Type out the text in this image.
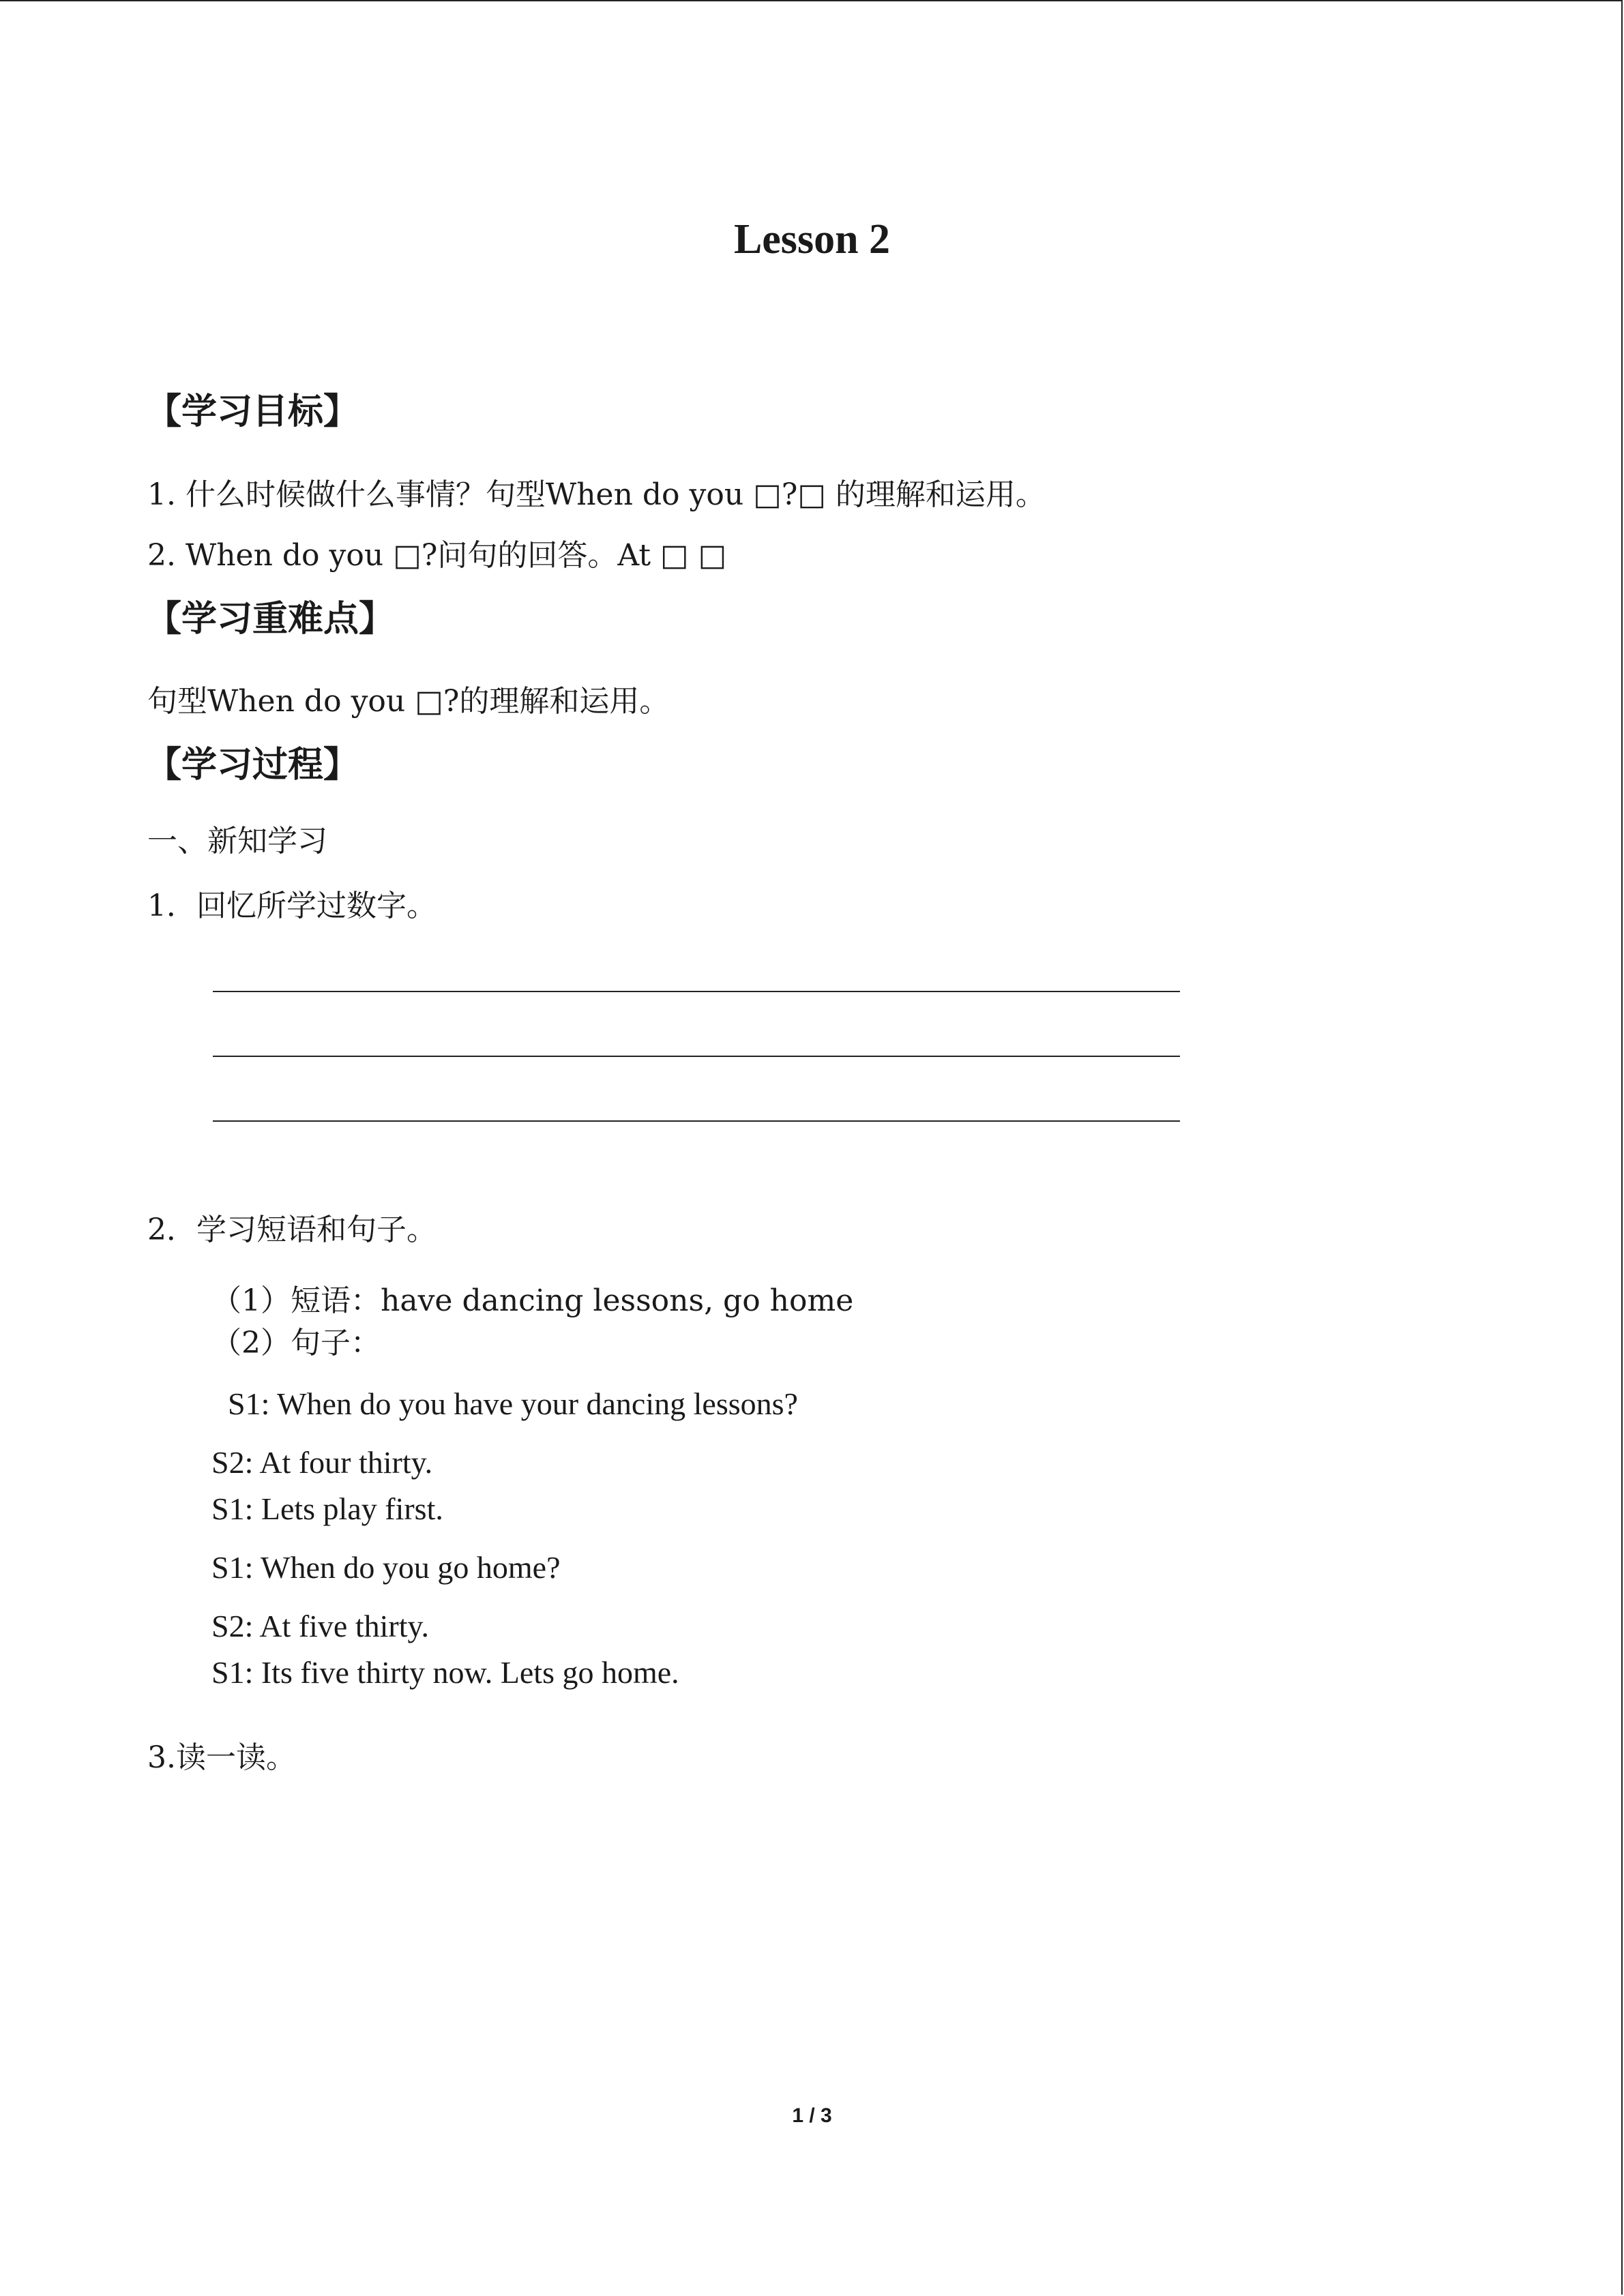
Lesson 2
【学习目标】
1. 什么时候做什么事情？句型When do you □?□ 的理解和运用。
2. When do you □?问句的回答。At □ □
【学习重难点】
句型When do you □?的理解和运用。
【学习过程】
一、新知学习
1．回忆所学过数字。
2．学习短语和句子。
（1）短语：have dancing lessons, go home
（2）句子：
S1: When do you have your dancing lessons?
S2: At four thirty.
S1: Lets play first.
S1: When do you go home?
S2: At five thirty.
S1: Its five thirty now. Lets go home.
3.读一读。
1 / 3
